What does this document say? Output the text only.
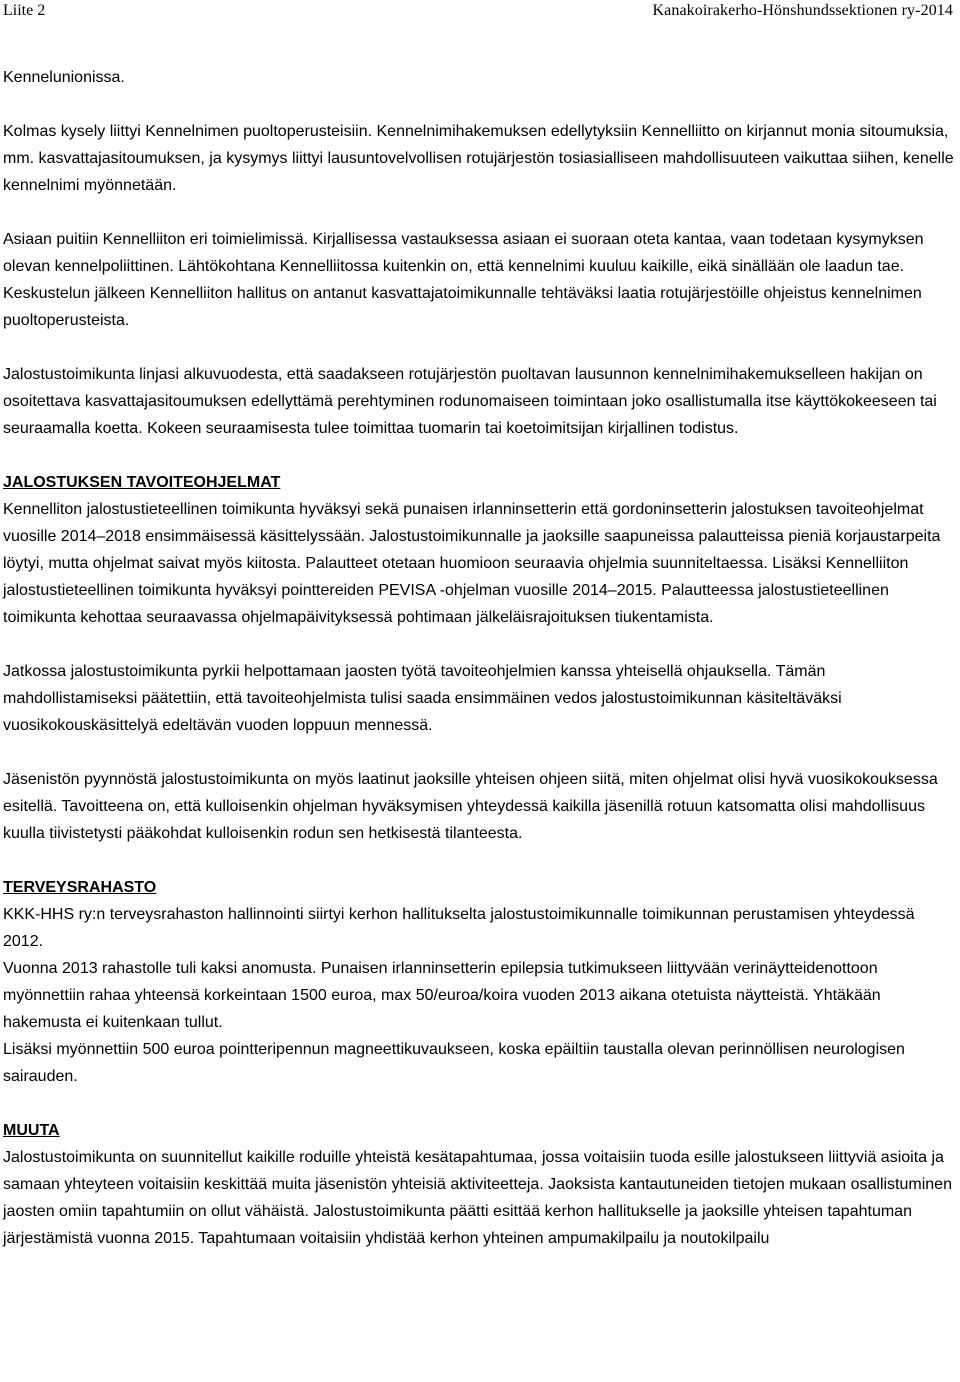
Liite 2	Kanakoirakerho-Hönshundssektionen ry-2014

Kennelunionissa.

Kolmas kysely liittyi Kennelnimen puoltoperusteisiin. Kennelnimihakemuksen edellytyksiin Kennelliitto on kirjannut monia sitoumuksia, mm. kasvattajasitoumuksen, ja kysymys liittyi lausuntovelvollisen rotujärjestön tosiasialliseen mahdollisuuteen vaikuttaa siihen, kenelle kennelnimi myönnetään.

Asiaan puitiin Kennelliiton eri toimielimissä. Kirjallisessa vastauksessa asiaan ei suoraan oteta kantaa, vaan todetaan kysymyksen olevan kennelpoliittinen. Lähtökohtana Kennelliitossa kuitenkin on, että kennelnimi kuuluu kaikille, eikä sinällään ole laadun tae. Keskustelun jälkeen Kennelliiton hallitus on antanut kasvattajatoimikunnalle tehtäväksi laatia rotujärjestöille ohjeistus kennelnimen puoltoperusteista.

Jalostustoimikunta linjasi alkuvuodesta, että saadakseen rotujärjestön puoltavan lausunnon kennelnimihakemukselleen hakijan on osoitettava kasvattajasitoumuksen edellyttämä perehtyminen rodunomaiseen toimintaan joko osallistumalla itse käyttökokeeseen tai seuraamalla koetta. Kokeen seuraamisesta tulee toimittaa tuomarin tai koetoimitsijan kirjallinen todistus.

JALOSTUKSEN TAVOITEOHJELMAT

Kennelliton jalostustieteellinen toimikunta hyväksyi sekä punaisen irlanninsetterin että gordoninsetterin jalostuksen tavoiteohjelmat vuosille 2014–2018 ensimmäisessä käsittelyssään. Jalostustoimikunnalle ja jaoksille saapuneissa palautteissa pieniä korjaustarpeita löytyi, mutta ohjelmat saivat myös kiitosta. Palautteet otetaan huomioon seuraavia ohjelmia suunniteltaessa. Lisäksi Kennelliiton jalostustieteellinen toimikunta hyväksyi pointtereiden PEVISA -ohjelman vuosille 2014–2015. Palautteessa jalostustieteellinen toimikunta kehottaa seuraavassa ohjelmapäivityksessä pohtimaan jälkeläisrajoituksen tiukentamista.

Jatkossa jalostustoimikunta pyrkii helpottamaan jaosten työtä tavoiteohjelmien kanssa yhteisellä ohjauksella. Tämän mahdollistamiseksi päätettiin, että tavoiteohjelmista tulisi saada ensimmäinen vedos jalostustoimikunnan käsiteltäväksi vuosikokouskäsittelyä edeltävän vuoden loppuun mennessä.

Jäsenistön pyynnöstä jalostustoimikunta on myös laatinut jaoksille yhteisen ohjeen siitä, miten ohjelmat olisi hyvä vuosikokouksessa esitellä. Tavoitteena on, että kulloisenkin ohjelman hyväksymisen yhteydessä kaikilla jäsenillä rotuun katsomatta olisi mahdollisuus kuulla tiivistetysti pääkohdat kulloisenkin rodun sen hetkisestä tilanteesta.

TERVEYSRAHASTO

KKK-HHS ry:n terveysrahaston hallinnointi siirtyi kerhon hallitukselta jalostustoimikunnalle toimikunnan perustamisen yhteydessä 2012.

Vuonna 2013 rahastolle tuli kaksi anomusta. Punaisen irlanninsetterin epilepsia tutkimukseen liittyvään verinäytteidenottoon myönnettiin rahaa yhteensä korkeintaan 1500 euroa, max 50/euroa/koira vuoden 2013 aikana otetuista näytteistä. Yhtäkään hakemusta ei kuitenkaan tullut.

Lisäksi myönnettiin 500 euroa pointteripennun magneettikuvaukseen, koska epäiltiin taustalla olevan perinnöllisen neurologisen sairauden.

MUUTA

Jalostustoimikunta on suunnitellut kaikille roduille yhteistä kesätapahtumaa, jossa voitaisiin tuoda esille jalostukseen liittyviä asioita ja samaan yhteyteen voitaisiin keskittää muita jäsenistön yhteisiä aktiviteetteja. Jaoksista kantautuneiden tietojen mukaan osallistuminen jaosten omiin tapahtumiin on ollut vähäistä. Jalostustoimikunta päätti esittää kerhon hallitukselle ja jaoksille yhteisen tapahtuman järjestämistä vuonna 2015. Tapahtumaan voitaisiin yhdistää kerhon yhteinen ampumakilpailu ja noutokilpailu
